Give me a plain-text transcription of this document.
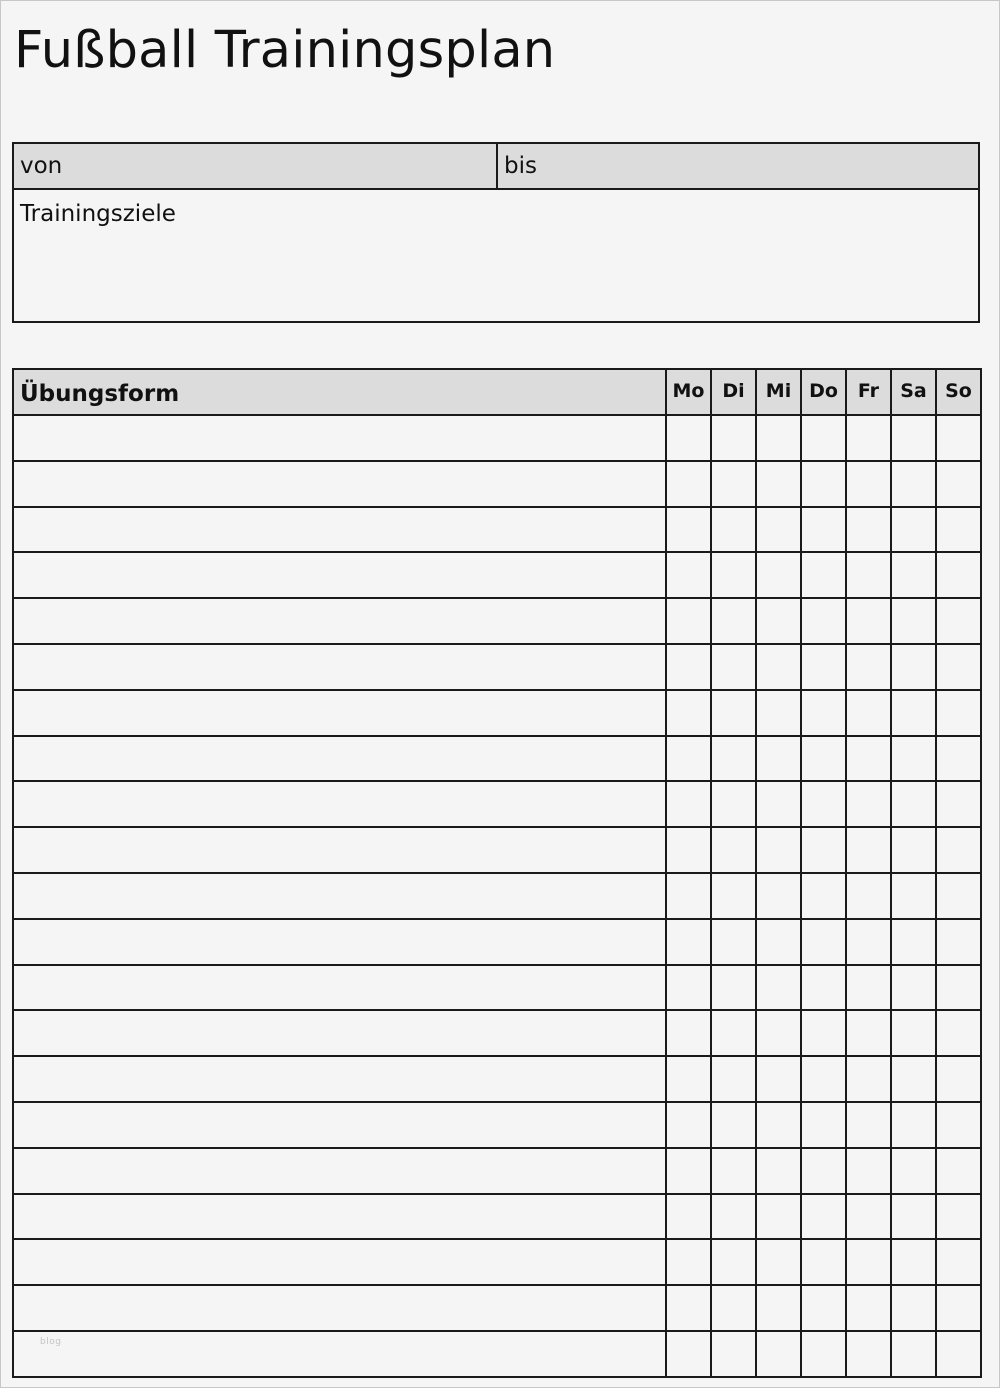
Fußball Trainingsplan
von	bis
Trainingsziele
Übungsform	Mo	Di	Mi	Do	Fr	Sa	So

blog
